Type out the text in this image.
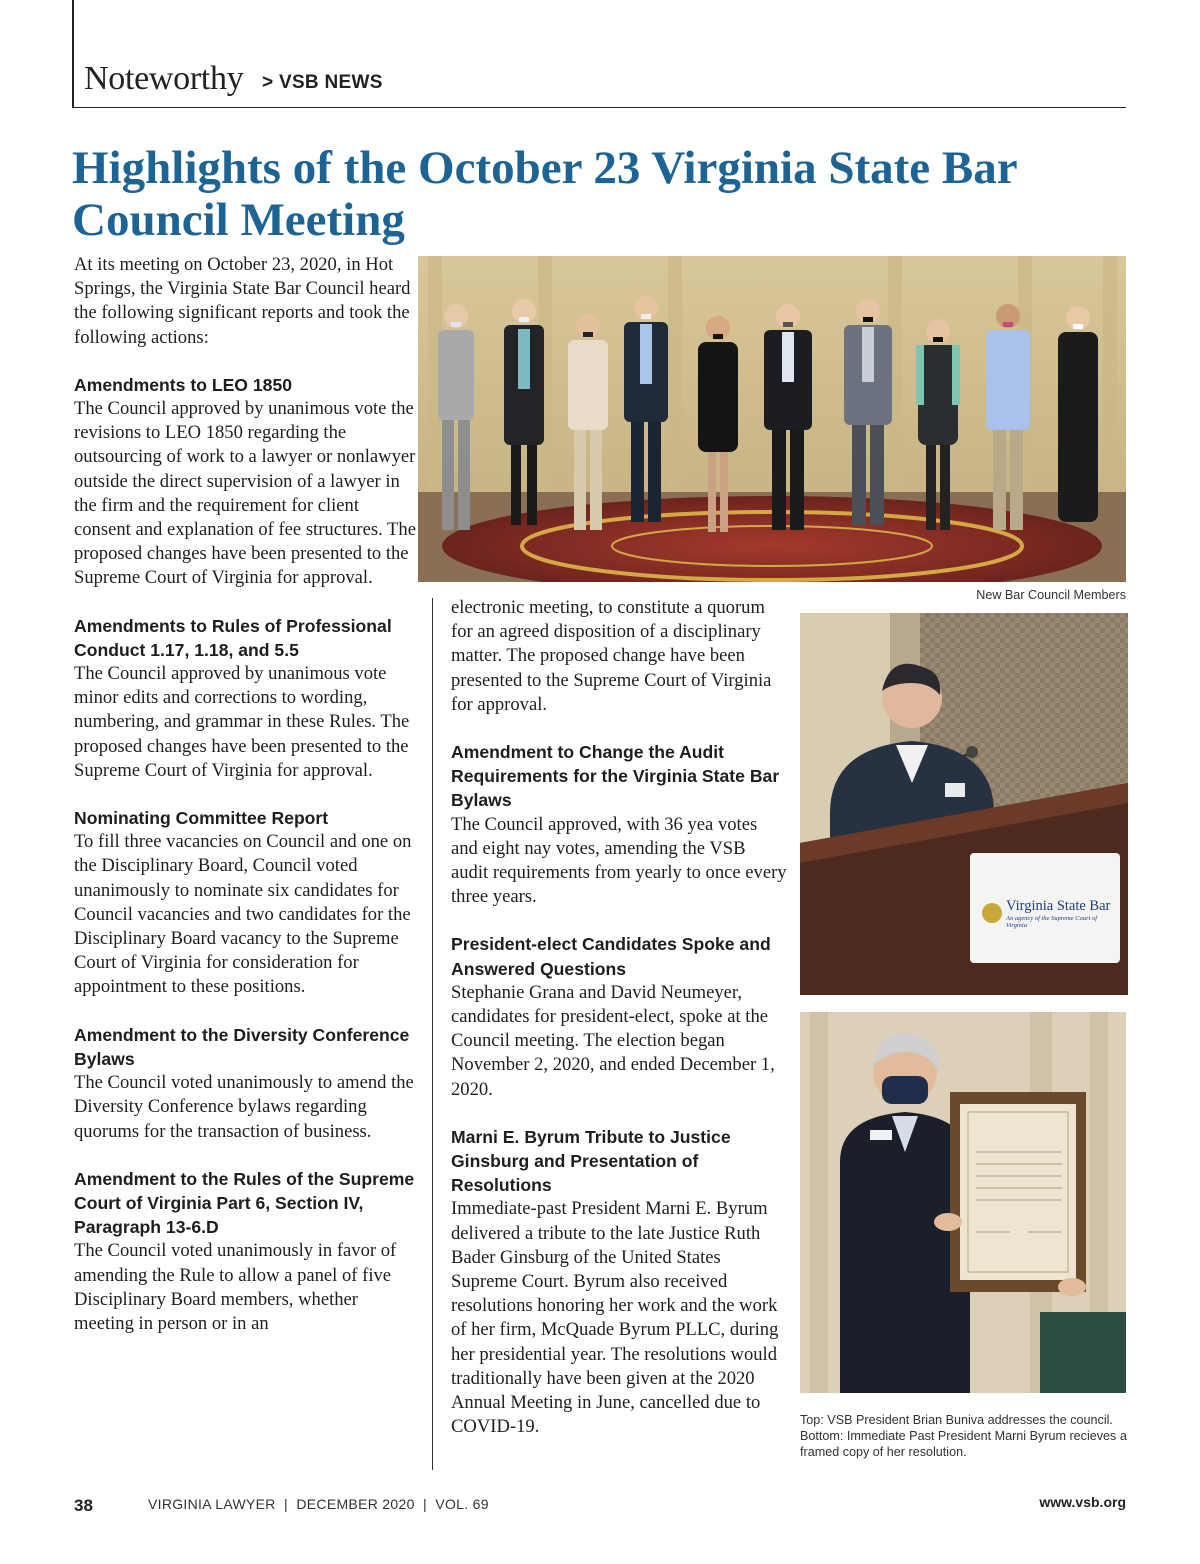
Noteworthy > VSB NEWS
Highlights of the October 23 Virginia State Bar Council Meeting

At its meeting on October 23, 2020, in Hot Springs, the Virginia State Bar Council heard the following significant reports and took the following actions:

Amendments to LEO 1850

The Council approved by unanimous vote the revisions to LEO 1850 regarding the outsourcing of work to a lawyer or nonlawyer outside the direct supervision of a lawyer in the firm and the requirement for client consent and explanation of fee structures. The proposed changes have been presented to the Supreme Court of Virginia for approval.

Amendments to Rules of Professional Conduct 1.17, 1.18, and 5.5

The Council approved by unanimous vote minor edits and corrections to wording, numbering, and grammar in these Rules. The proposed changes have been presented to the Supreme Court of Virginia for approval.

Nominating Committee Report

To fill three vacancies on Council and one on the Disciplinary Board, Council voted unanimously to nominate six candidates for Council vacancies and two candidates for the Disciplinary Board vacancy to the Supreme Court of Virginia for consideration for appointment to these positions.

Amendment to the Diversity Conference Bylaws

The Council voted unanimously to amend the Diversity Conference bylaws regarding quorums for the transaction of business.

Amendment to the Rules of the Supreme Court of Virginia Part 6, Section IV, Paragraph 13-6.D

The Council voted unanimously in favor of amending the Rule to allow a panel of five Disciplinary Board members, whether meeting in person or in an

electronic meeting, to constitute a quorum for an agreed disposition of a disciplinary matter. The proposed change have been presented to the Supreme Court of Virginia for approval.

Amendment to Change the Audit Requirements for the Virginia State Bar Bylaws

The Council approved, with 36 yea votes and eight nay votes, amending the VSB audit requirements from yearly to once every three years.

President-elect Candidates Spoke and Answered Questions

Stephanie Grana and David Neumeyer, candidates for president-elect, spoke at the Council meeting. The election began November 2, 2020, and ended December 1, 2020.

Marni E. Byrum Tribute to Justice Ginsburg and Presentation of Resolutions

Immediate-past President Marni E. Byrum delivered a tribute to the late Justice Ruth Bader Ginsburg of the United States Supreme Court. Byrum also received resolutions honoring her work and the work of her firm, McQuade Byrum PLLC, during her presidential year. The resolutions would traditionally have been given at the 2020 Annual Meeting in June, cancelled due to COVID-19.

New Bar Council Members
Virginia State Bar
An agency of the Supreme Court of Virginia
Top: VSB President Brian Buniva addresses the council.
Bottom: Immediate Past President Marni Byrum recieves a framed copy of her resolution.
38	VIRGINIA LAWYER  |  DECEMBER 2020  |  VOL. 69	www.vsb.org
